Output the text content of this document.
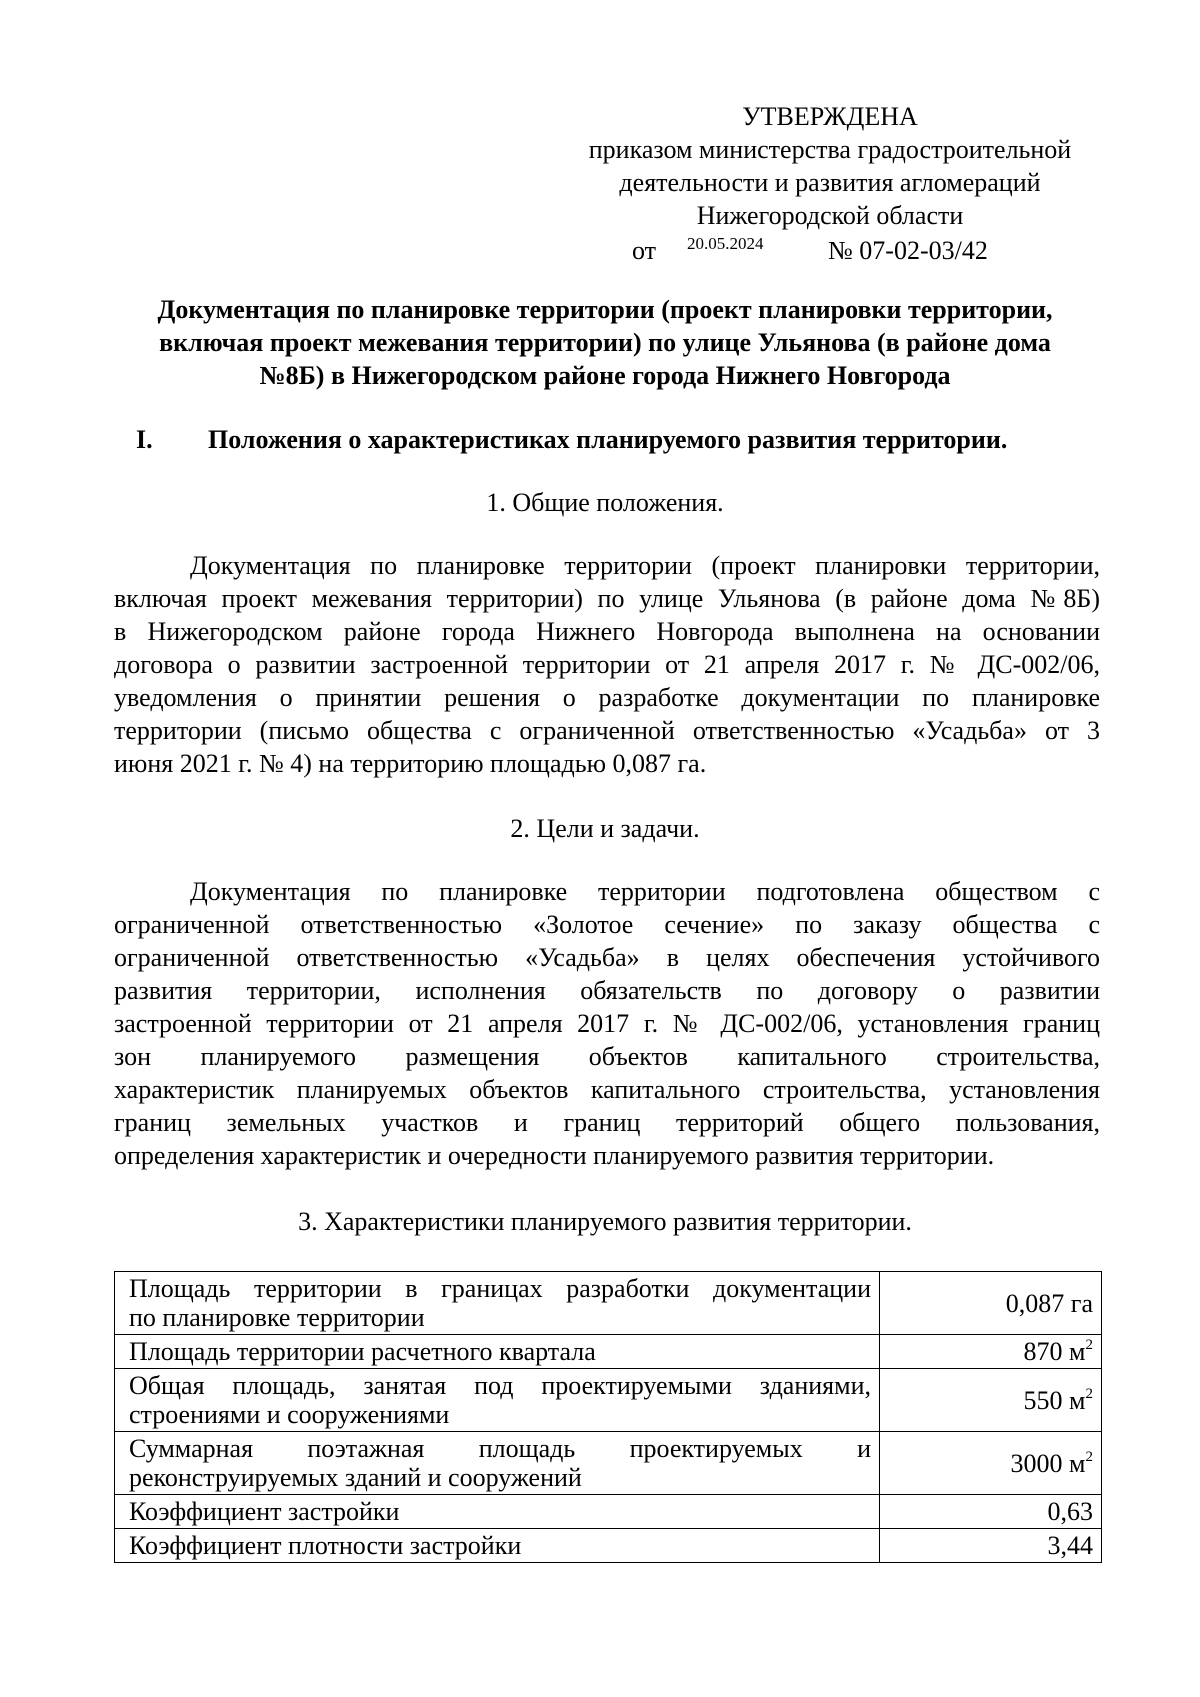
УТВЕРЖДЕНА
приказом министерства градостроительной
деятельности и развития агломераций
Нижегородской области
от 20.05.2024 № 07-02-03/42
Документация по планировке территории (проект планировки территории,
включая проект межевания территории) по улице Ульянова (в районе дома
№8Б) в Нижегородском районе города Нижнего Новгорода
I. Положения о характеристиках планируемого развития территории.
1. Общие положения.
Документация по планировке территории (проект планировки территории,
включая проект межевания территории) по улице Ульянова (в районе дома №8Б)
в Нижегородском районе города Нижнего Новгорода выполнена на основании
договора о развитии застроенной территории от 21 апреля 2017 г. № ДС-002/06,
уведомления о принятии решения о разработке документации по планировке
территории (письмо общества с ограниченной ответственностью «Усадьба» от 3
июня 2021 г. № 4) на территорию площадью 0,087 га.
2. Цели и задачи.
Документация по планировке территории подготовлена обществом с
ограниченной ответственностью «Золотое сечение» по заказу общества с
ограниченной ответственностью «Усадьба» в целях обеспечения устойчивого
развития территории, исполнения обязательств по договору о развитии
застроенной территории от 21 апреля 2017 г. № ДС-002/06, установления границ
зон планируемого размещения объектов капитального строительства,
характеристик планируемых объектов капитального строительства, установления
границ земельных участков и границ территорий общего пользования,
определения характеристик и очередности планируемого развития территории.
3. Характеристики планируемого развития территории.
Площадь территории в границах разработки документации
по планировке территории	0,087 га

Площадь территории расчетного квартала	870 $м^2$

Общая площадь, занятая под проектируемыми зданиями,
строениями и сооружениями	550 $м^2$

Суммарная поэтажная площадь проектируемых и
реконструируемых зданий и сооружений	3000 $м^2$

Коэффициент застройки	0,63

Коэффициент плотности застройки	3,44
